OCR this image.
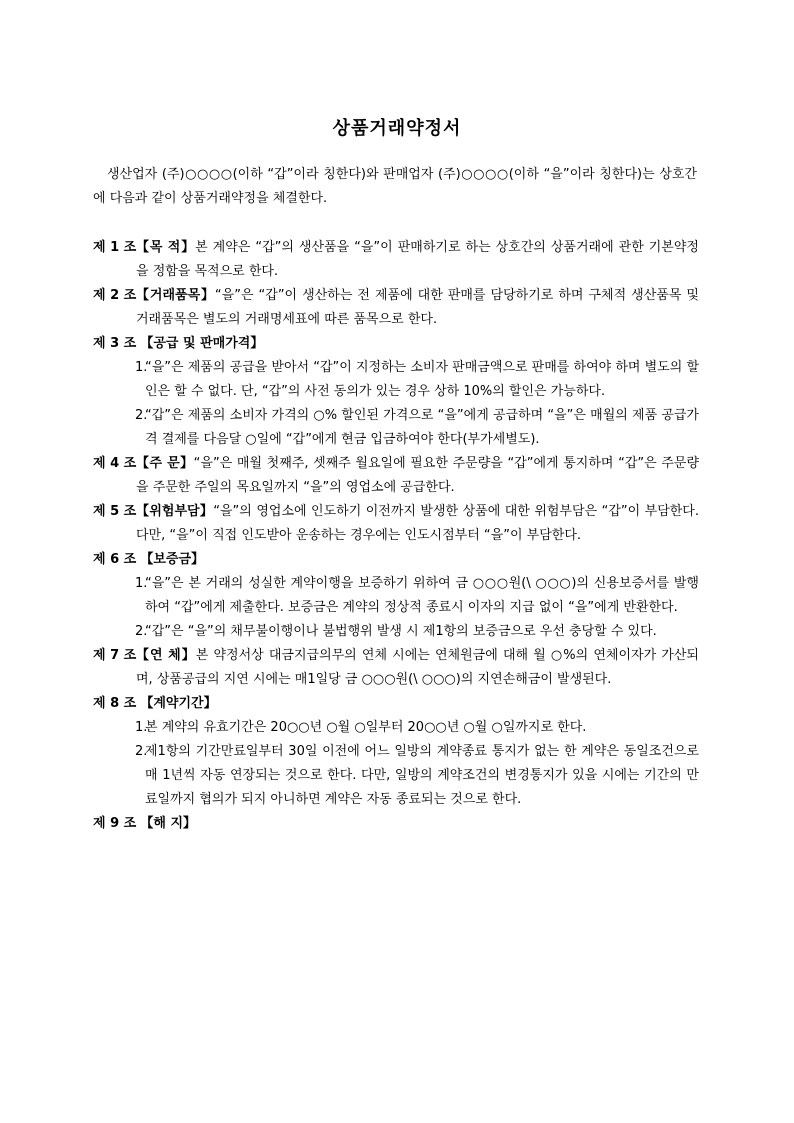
상품거래약정서
생산업자 (주)○○○○(이하 “갑”이라 칭한다)와 판매업자 (주)○○○○(이하 “을”이라 칭한다)는 상호간에 다음과 같이 상품거래약정을 체결한다.
제 1 조 【목 적】본 계약은 “갑”의 생산품을 “을”이 판매하기로 하는 상호간의 상품거래에 관한 기본약정을 정함을 목적으로 한다.
제 2 조 【거래품목】“을”은 “갑”이 생산하는 전 제품에 대한 판매를 담당하기로 하며 구체적 생산품목 및 거래품목은 별도의 거래명세표에 따른 품목으로 한다.
제 3 조 【공급 및 판매가격】
1.
“을”은 제품의 공급을 받아서 “갑”이 지정하는 소비자 판매금액으로 판매를 하여야 하며 별도의 할인은 할 수 없다. 단, “갑”의 사전 동의가 있는 경우 상하 10%의 할인은 가능하다.
2.
“갑”은 제품의 소비자 가격의 ○% 할인된 가격으로 “을”에게 공급하며 “을”은 매월의 제품 공급가격 결제를 다음달 ○일에 “갑”에게 현금 입금하여야 한다(부가세별도).
제 4 조 【주 문】“을”은 매월 첫째주, 셋째주 월요일에 필요한 주문량을 “갑”에게 통지하며 “갑”은 주문량을 주문한 주일의 목요일까지 “을”의 영업소에 공급한다.
제 5 조 【위험부담】“을”의 영업소에 인도하기 이전까지 발생한 상품에 대한 위험부담은 “갑”이 부담한다. 다만, “을”이 직접 인도받아 운송하는 경우에는 인도시점부터 “을”이 부담한다.
제 6 조 【보증금】
1.
“을”은 본 거래의 성실한 계약이행을 보증하기 위하여 금 ○○○원(\ ○○○)의 신용보증서를 발행하여 “갑”에게 제출한다. 보증금은 계약의 정상적 종료시 이자의 지급 없이 “을”에게 반환한다.
2.
“갑”은 “을”의 채무불이행이나 불법행위 발생 시 제1항의 보증금으로 우선 충당할 수 있다.
제 7 조 【연 체】본 약정서상 대금지급의무의 연체 시에는 연체원금에 대해 월 ○%의 연체이자가 가산되며, 상품공급의 지연 시에는 매1일당 금 ○○○원(\ ○○○)의 지연손해금이 발생된다.
제 8 조 【계약기간】
1.
본 계약의 유효기간은 20○○년 ○월 ○일부터 20○○년 ○월 ○일까지로 한다.
2.
제1항의 기간만료일부터 30일 이전에 어느 일방의 계약종료 통지가 없는 한 계약은 동일조건으로 매 1년씩 자동 연장되는 것으로 한다. 다만, 일방의 계약조건의 변경통지가 있을 시에는 기간의 만료일까지 협의가 되지 아니하면 계약은 자동 종료되는 것으로 한다.
제 9 조 【해 지】
